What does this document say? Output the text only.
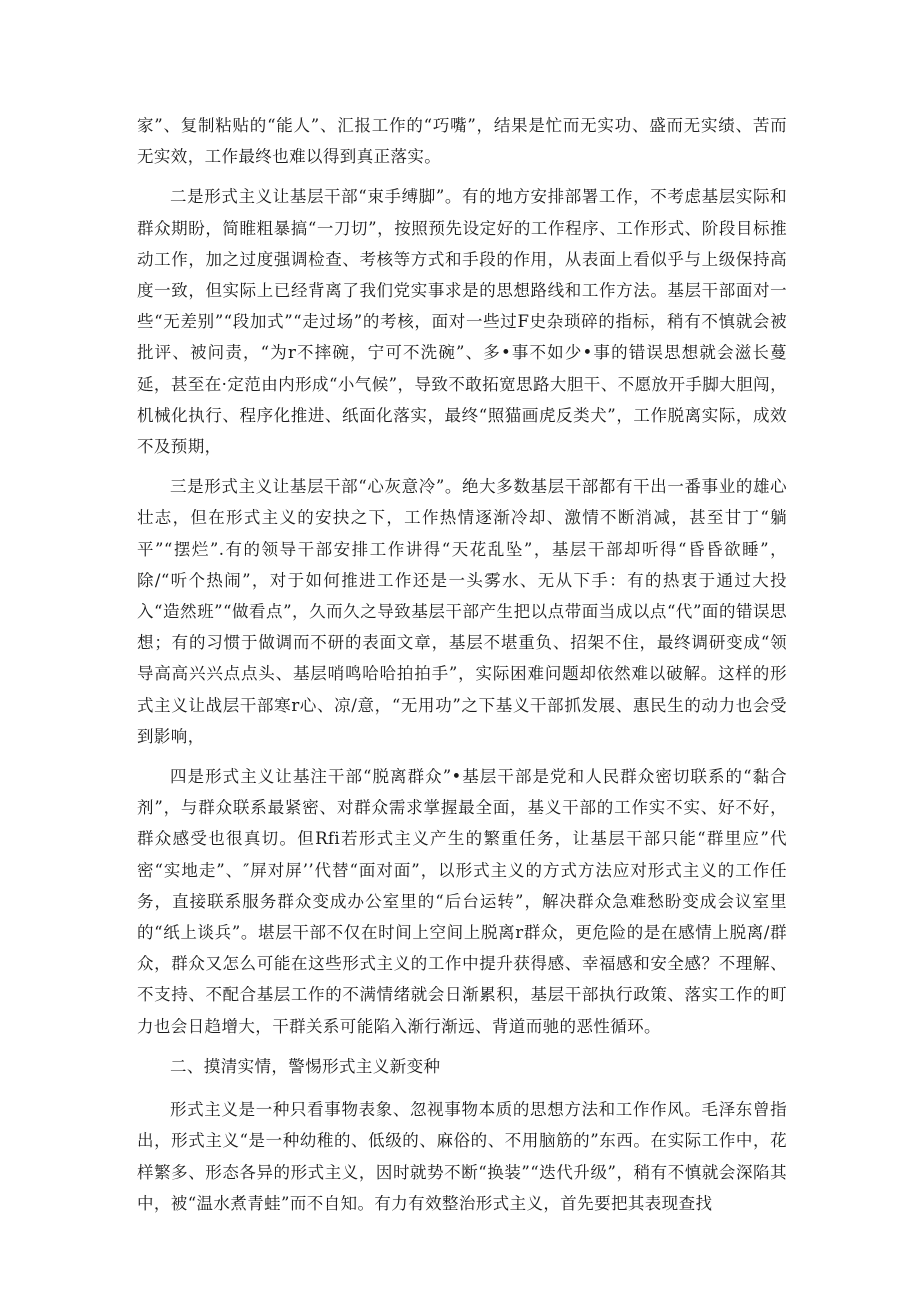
家”、复制粘贴的“能人”、汇报工作的“巧嘴”，结果是忙而无实功、盛而无实绩、苦而无实效，工作最终也难以得到真正落实。

二是形式主义让基层干部“束手缚脚”。有的地方安排部署工作，不考虑基层实际和群众期盼，简睢粗暴搞“一刀切”，按照预先设定好的工作程序、工作形式、阶段目标推动工作，加之过度强调检查、考核等方式和手段的作用，从表面上看似乎与上级保持高度一致，但实际上已经背离了我们党实事求是的思想路线和工作方法。基层干部面对一些“无差别”“段加式”“走过场”的考核，面对一些过F史杂琐碎的指标，稍有不慎就会被批评、被问责，“为r不摔碗，宁可不洗碗”、多•事不如少•事的错误思想就会滋长蔓延，甚至在·定范由内形成“小气候”，导致不敢拓宽思路大胆干、不愿放开手脚大胆闯，机械化执行、程序化推进、纸面化落实，最终“照猫画虎反类犬”，工作脱离实际，成效不及预期，

三是形式主义让基层干部“心灰意冷”。绝大多数基层干部都有干出一番事业的雄心壮志，但在形式主义的安抉之下，工作热情逐渐冷却、激情不断消减，甚至甘丁“躺平”“摆烂”.有的领导干部安排工作讲得“天花乱坠”，基层干部却听得“昏昏欲睡”，除/“听个热闹”，对于如何推进工作还是一头雾水、无从下手：有的热衷于通过大投入“造然班”“做看点”，久而久之导致基层干部产生把以点带面当成以点“代”面的错误思想；有的习惯于做调而不研的表面文章，基层不堪重负、招架不住，最终调研变成“领导高高兴兴点点头、基层哨鸣哈哈拍拍手”，实际困难问题却依然难以破解。这样的形式主义让战层干部寒r心、凉/意，“无用功”之下基义干部抓发展、惠民生的动力也会受到影响，

四是形式主义让基注干部“脱离群众”•基层干部是党和人民群众密切联系的“黏合剂”，与群众联系最紧密、对群众需求掌握最全面，基义干部的工作实不实、好不好，群众感受也很真切。但Rfi若形式主义产生的繁重任务，让基层干部只能“群里应”代密“实地走”、″屏对屏’’代替“面对面”，以形式主义的方式方法应对形式主义的工作任务，直接联系服务群众变成办公室里的“后台运转”，解决群众急难愁盼变成会议室里的“纸上谈兵”。堪层干部不仅在时间上空间上脱离r群众，更危险的是在感情上脱离/群众，群众又怎么可能在这些形式主义的工作中提升获得感、幸福感和安全感？不理解、不支持、不配合基层工作的不满情绪就会日渐累积，基层干部执行政策、落实工作的町力也会日趋增大，干群关系可能陷入渐行渐远、背道而驰的恶性循环。

二、摸清实情，警惕形式主义新变种

形式主义是一种只看事物表象、忽视事物本质的思想方法和工作作风。毛泽东曾指出，形式主义“是一种幼稚的、低级的、麻俗的、不用脑筋的”东西。在实际工作中，花样繁多、形态各异的形式主义，因时就势不断“换装”“迭代升级”，稍有不慎就会深陷其中，被“温水煮青蛙”而不自知。有力有效整治形式主义，首先要把其表现查找
